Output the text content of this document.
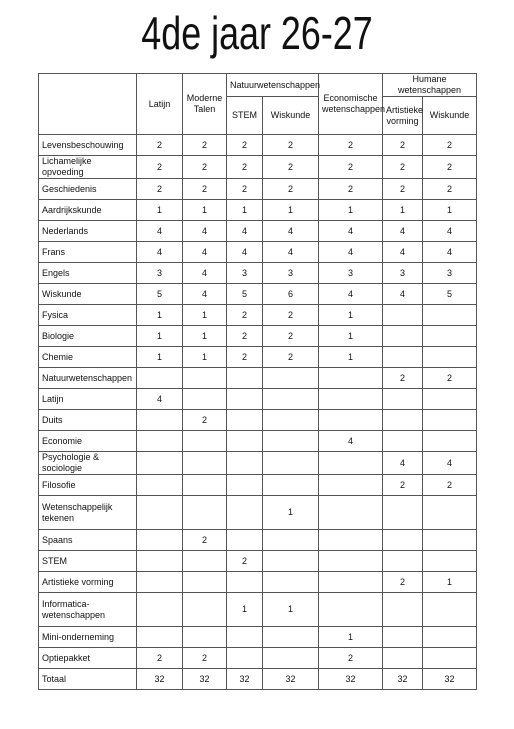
4de jaar 26-27
	Latijn	Moderne Talen	Natuurwetenschappen		Economische wetenschappen	Humane wetenschappen	
			STEM	Wiskunde		Artistieke vorming	Wiskunde
Levensbeschouwing	2	2	2	2	2	2	2
Lichamelijke opvoeding	2	2	2	2	2	2	2
Geschiedenis	2	2	2	2	2	2	2
Aardrijkskunde	1	1	1	1	1	1	1
Nederlands	4	4	4	4	4	4	4
Frans	4	4	4	4	4	4	4
Engels	3	4	3	3	3	3	3
Wiskunde	5	4	5	6	4	4	5
Fysica	1	1	2	2	1		
Biologie	1	1	2	2	1		
Chemie	1	1	2	2	1		
Natuurwetenschappen						2	2
Latijn	4						
Duits		2					
Economie					4		
Psychologie & sociologie						4	4
Filosofie						2	2
Wetenschappelijk tekenen				1			
Spaans		2					
STEM			2				
Artistieke vorming						2	1
Informatica-wetenschappen			1	1			
Mini-onderneming					1		
Optiepakket	2	2			2		
Totaal	32	32	32	32	32	32	32
